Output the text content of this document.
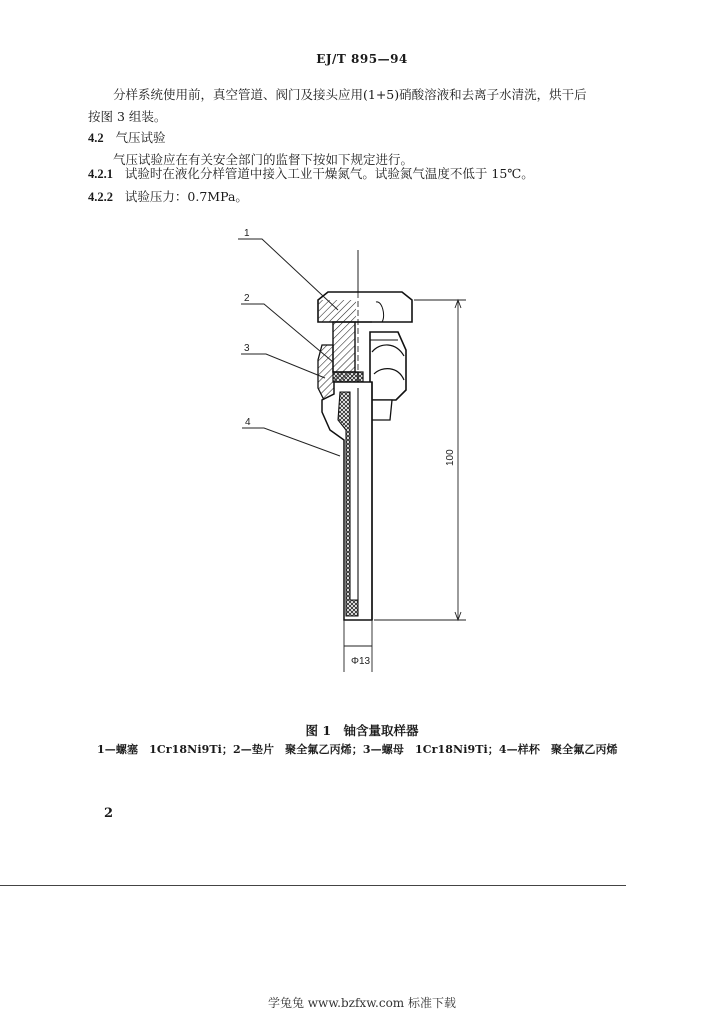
EJ/T 895—94
分样系统使用前，真空管道、阀门及接头应用(1+5)硝酸溶液和去离子水清洗，烘干后
按图 3 组装。
4.2 气压试验
气压试验应在有关安全部门的监督下按如下规定进行。
4.2.1 试验时在液化分样管道中接入工业干燥氮气。试验氮气温度不低于 15℃。
4.2.2 试验压力：0.7MPa。
1
2
3
4
100
Φ13
图 1　铀含量取样器
1—螺塞　1Cr18Ni9Ti；2—垫片　聚全氟乙丙烯；3—螺母　1Cr18Ni9Ti；4—样杯　聚全氟乙丙烯
2
学兔兔 www.bzfxw.com 标准下载
